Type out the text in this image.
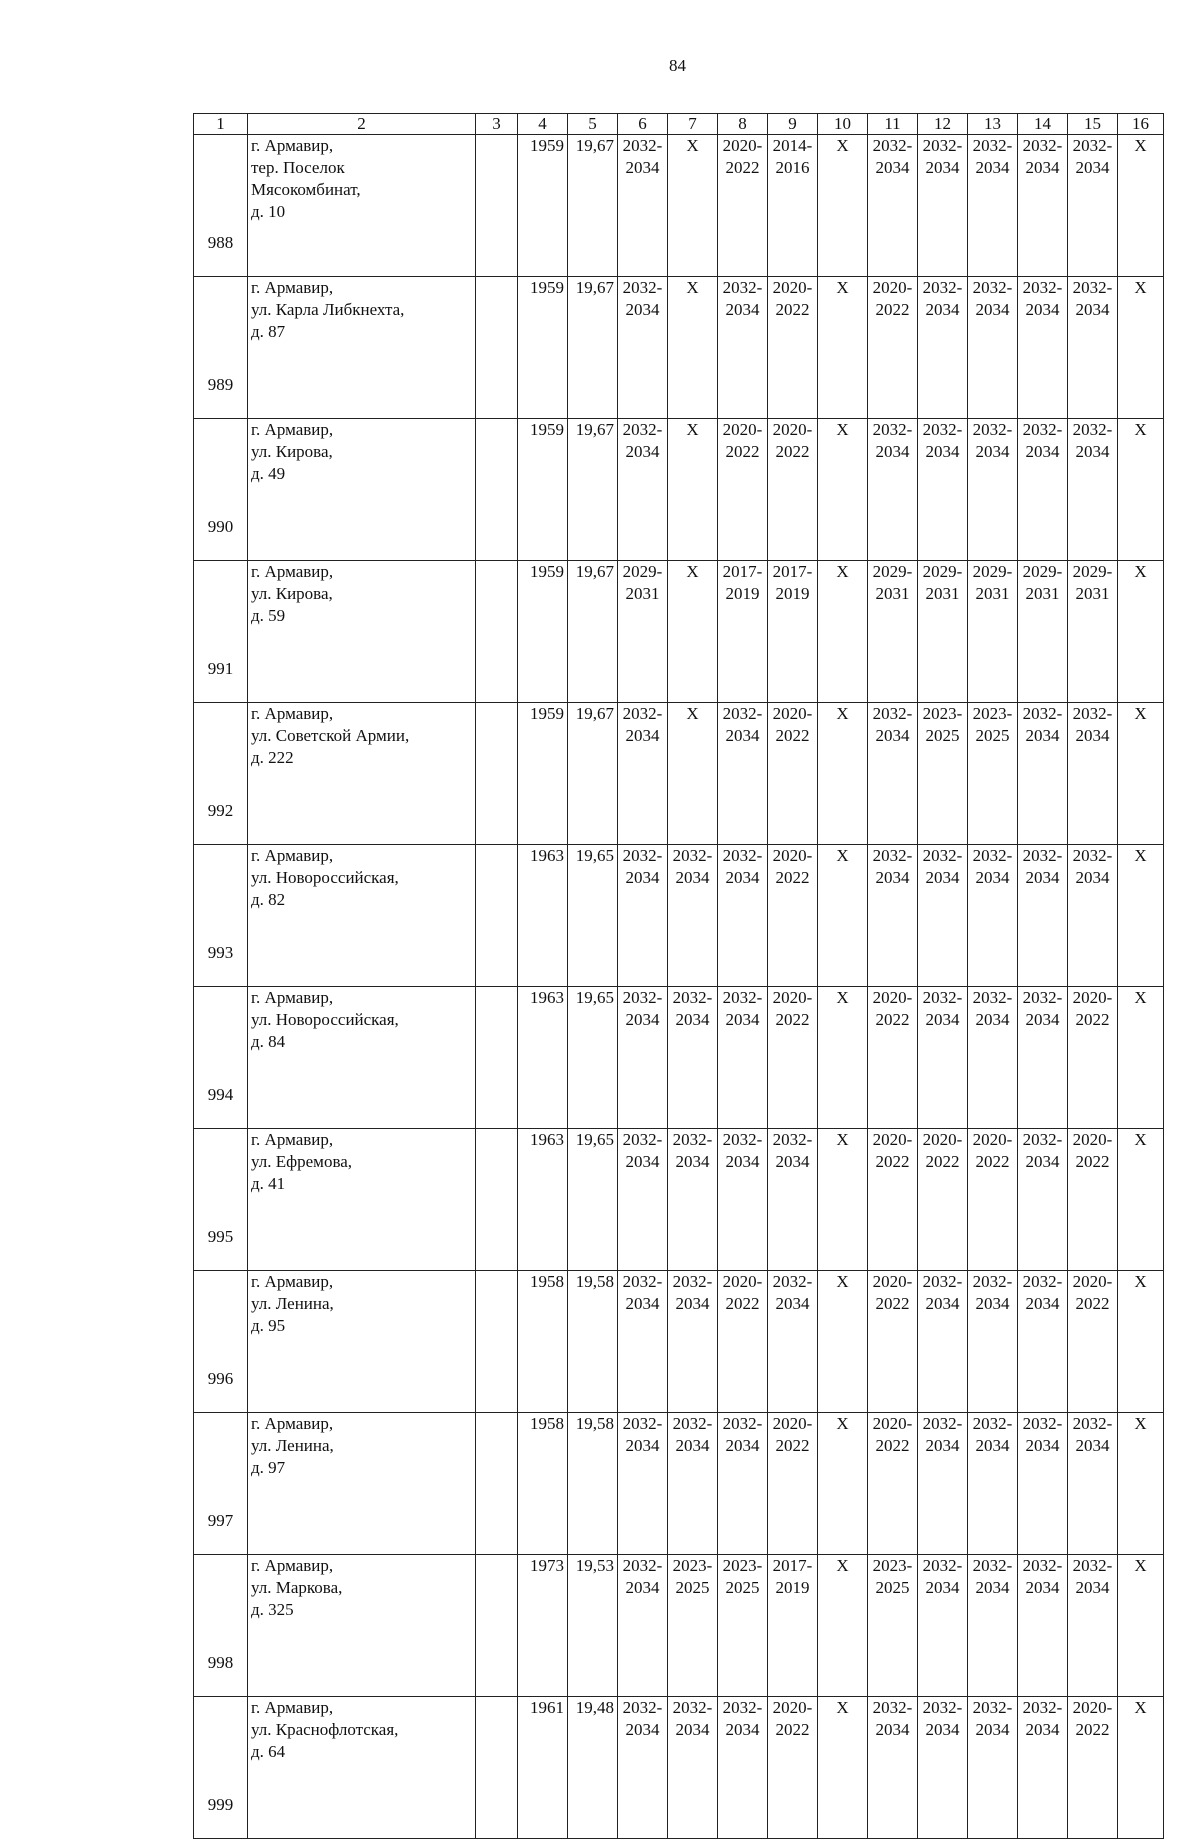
84
1	2	3	4	5	6	7	8	9	10	11	12	13	14	15	16
988	г. Армавир,
тер. Поселок
Мясокомбинат,
д. 10		1959	19,67	2032-
2034	Х	2020-
2022	2014-
2016	Х	2032-
2034	2032-
2034	2032-
2034	2032-
2034	2032-
2034	Х

989	г. Армавир,
ул. Карла Либкнехта,
д. 87		1959	19,67	2032-
2034	Х	2032-
2034	2020-
2022	Х	2020-
2022	2032-
2034	2032-
2034	2032-
2034	2032-
2034	Х

990	г. Армавир,
ул. Кирова,
д. 49		1959	19,67	2032-
2034	Х	2020-
2022	2020-
2022	Х	2032-
2034	2032-
2034	2032-
2034	2032-
2034	2032-
2034	Х

991	г. Армавир,
ул. Кирова,
д. 59		1959	19,67	2029-
2031	Х	2017-
2019	2017-
2019	Х	2029-
2031	2029-
2031	2029-
2031	2029-
2031	2029-
2031	Х

992	г. Армавир,
ул. Советской Армии,
д. 222		1959	19,67	2032-
2034	Х	2032-
2034	2020-
2022	Х	2032-
2034	2023-
2025	2023-
2025	2032-
2034	2032-
2034	Х

993	г. Армавир,
ул. Новороссийская,
д. 82		1963	19,65	2032-
2034	2032-
2034	2032-
2034	2020-
2022	Х	2032-
2034	2032-
2034	2032-
2034	2032-
2034	2032-
2034	Х

994	г. Армавир,
ул. Новороссийская,
д. 84		1963	19,65	2032-
2034	2032-
2034	2032-
2034	2020-
2022	Х	2020-
2022	2032-
2034	2032-
2034	2032-
2034	2020-
2022	Х

995	г. Армавир,
ул. Ефремова,
д. 41		1963	19,65	2032-
2034	2032-
2034	2032-
2034	2032-
2034	Х	2020-
2022	2020-
2022	2020-
2022	2032-
2034	2020-
2022	Х

996	г. Армавир,
ул. Ленина,
д. 95		1958	19,58	2032-
2034	2032-
2034	2020-
2022	2032-
2034	Х	2020-
2022	2032-
2034	2032-
2034	2032-
2034	2020-
2022	Х

997	г. Армавир,
ул. Ленина,
д. 97		1958	19,58	2032-
2034	2032-
2034	2032-
2034	2020-
2022	Х	2020-
2022	2032-
2034	2032-
2034	2032-
2034	2032-
2034	Х

998	г. Армавир,
ул. Маркова,
д. 325		1973	19,53	2032-
2034	2023-
2025	2023-
2025	2017-
2019	Х	2023-
2025	2032-
2034	2032-
2034	2032-
2034	2032-
2034	Х

999	г. Армавир,
ул. Краснофлотская,
д. 64		1961	19,48	2032-
2034	2032-
2034	2032-
2034	2020-
2022	Х	2032-
2034	2032-
2034	2032-
2034	2032-
2034	2020-
2022	Х
